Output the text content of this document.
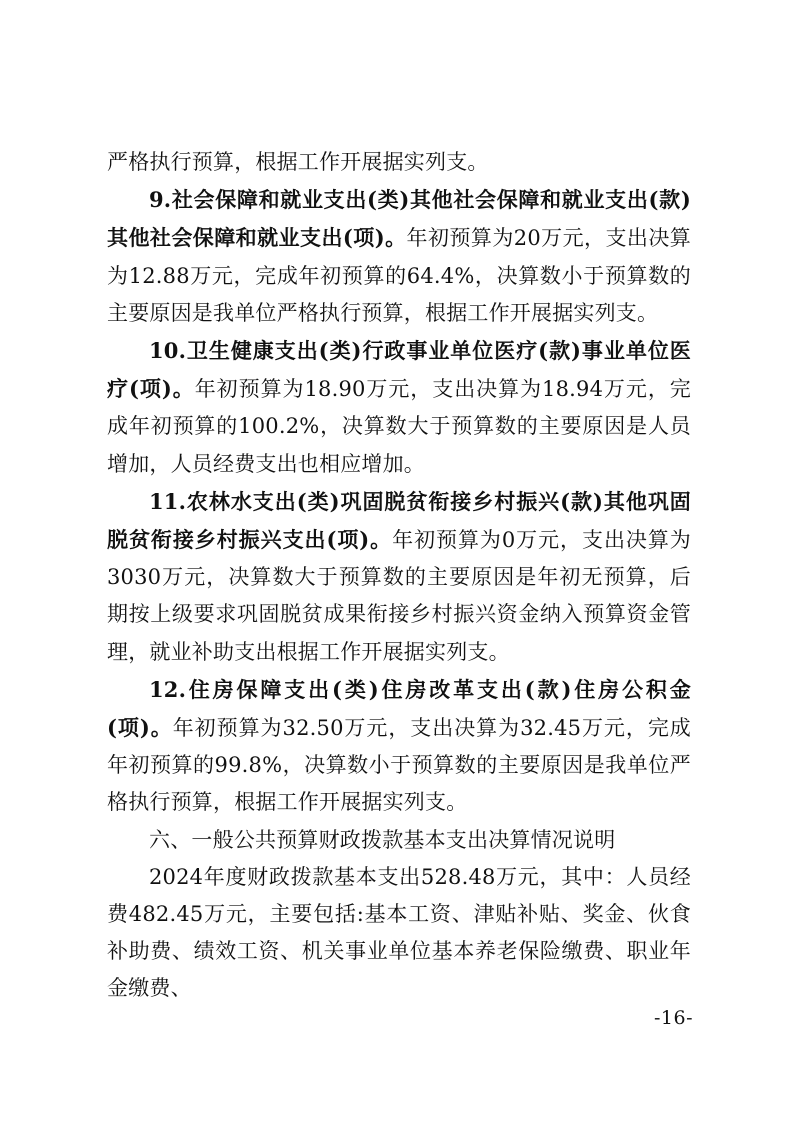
严格执行预算，根据工作开展据实列支。

9.社会保障和就业支出(类)其他社会保障和就业支出(款)其他社会保障和就业支出(项)。年初预算为20万元，支出决算为12.88万元，完成年初预算的64.4%，决算数小于预算数的主要原因是我单位严格执行预算，根据工作开展据实列支。

10.卫生健康支出(类)行政事业单位医疗(款)事业单位医疗(项)。年初预算为18.90万元，支出决算为18.94万元，完成年初预算的100.2%，决算数大于预算数的主要原因是人员增加，人员经费支出也相应增加。

11.农林水支出(类)巩固脱贫衔接乡村振兴(款)其他巩固脱贫衔接乡村振兴支出(项)。年初预算为0万元，支出决算为3030万元，决算数大于预算数的主要原因是年初无预算，后期按上级要求巩固脱贫成果衔接乡村振兴资金纳入预算资金管理，就业补助支出根据工作开展据实列支。

12.住房保障支出(类)住房改革支出(款)住房公积金(项)。年初预算为32.50万元，支出决算为32.45万元，完成年初预算的99.8%，决算数小于预算数的主要原因是我单位严格执行预算，根据工作开展据实列支。

六、一般公共预算财政拨款基本支出决算情况说明

2024年度财政拨款基本支出528.48万元，其中：人员经费482.45万元，主要包括:基本工资、津贴补贴、奖金、伙食补助费、绩效工资、机关事业单位基本养老保险缴费、职业年金缴费、

-16-
